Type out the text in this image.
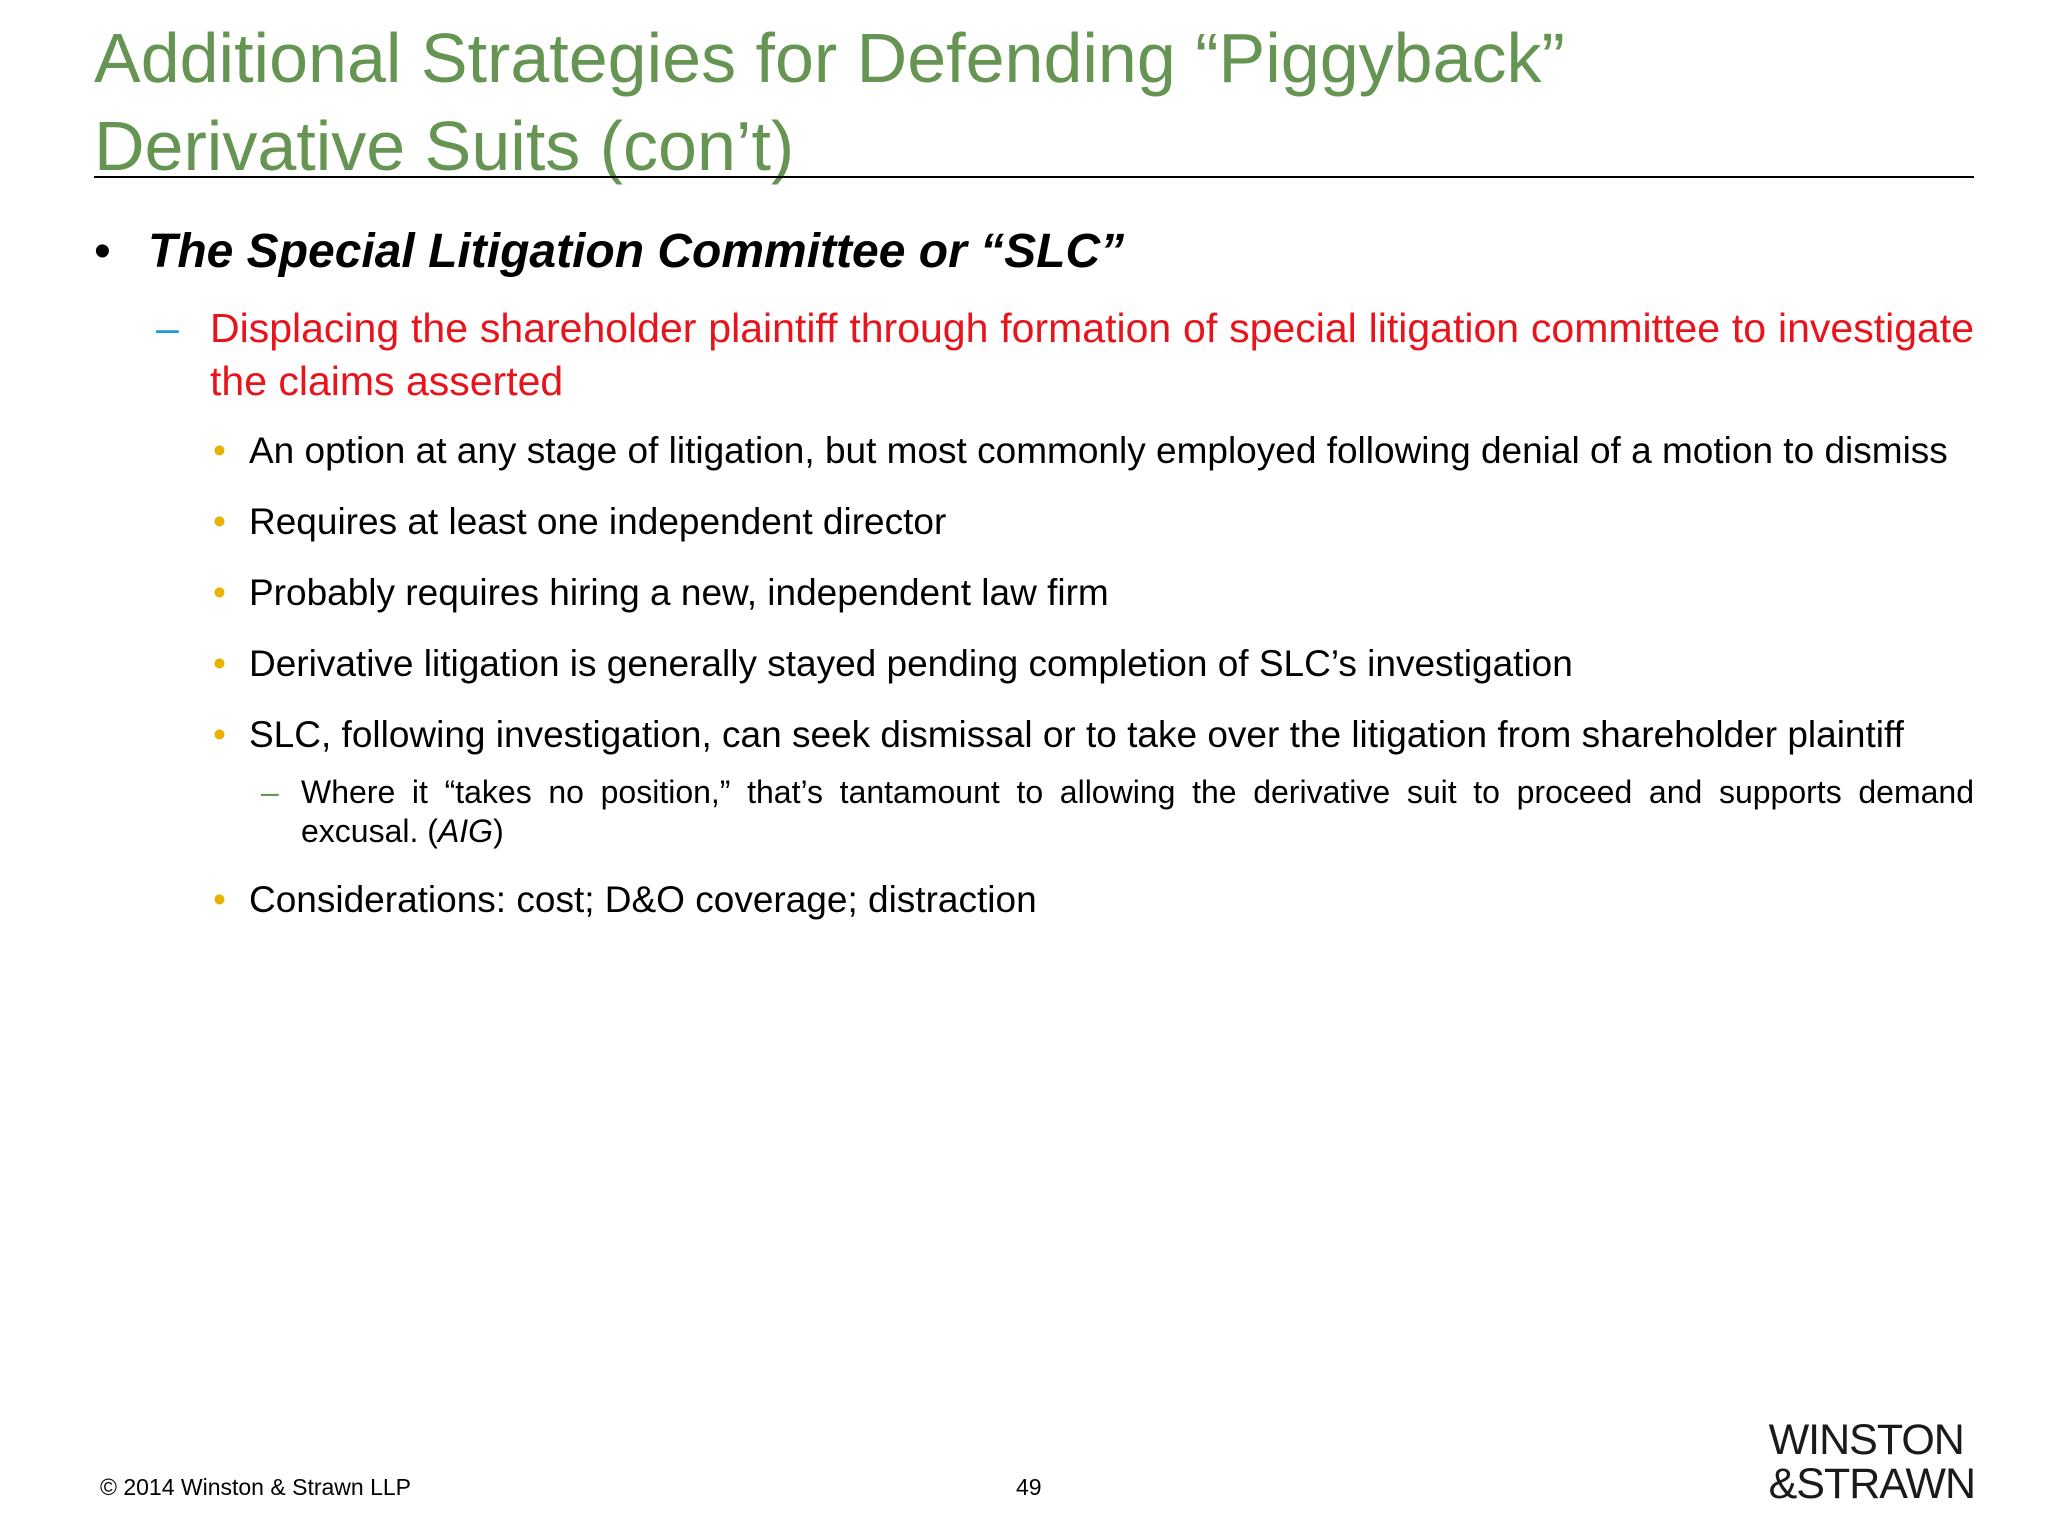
Additional Strategies for Defending “Piggyback”
Derivative Suits (con’t)
• The Special Litigation Committee or “SLC”
– Displacing the shareholder plaintiff through formation of special litigation committee to investigate the claims asserted
• An option at any stage of litigation, but most commonly employed following denial of a motion to dismiss
• Requires at least one independent director
• Probably requires hiring a new, independent law firm
• Derivative litigation is generally stayed pending completion of SLC’s investigation
• SLC, following investigation, can seek dismissal or to take over the litigation from shareholder plaintiff
– Where it “takes no position,” that’s tantamount to allowing the derivative suit to proceed and supports demand excusal. (AIG)
• Considerations: cost; D&O coverage; distraction
© 2014 Winston & Strawn LLP	49
WINSTON
&STRAWN
